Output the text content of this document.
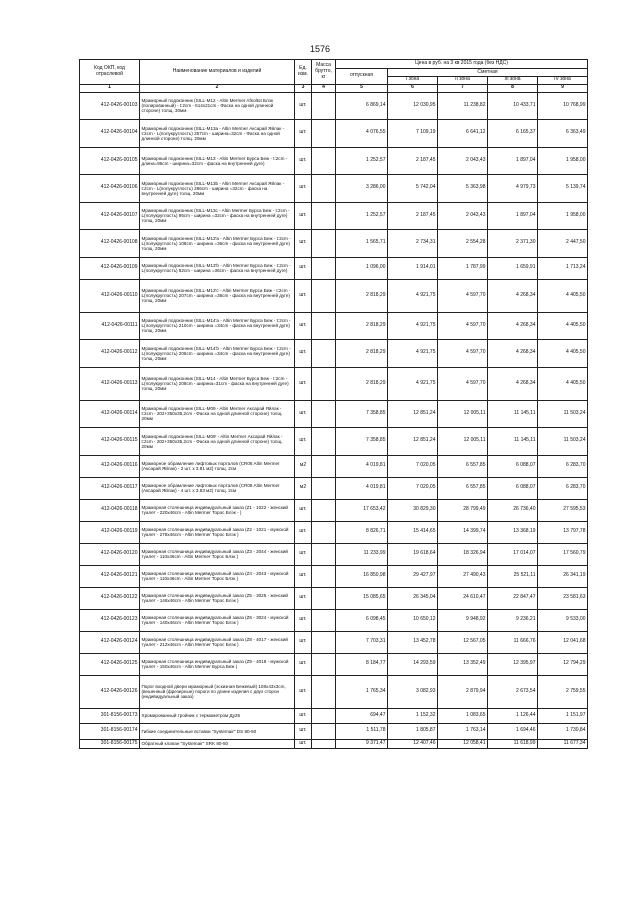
1576
Код ОКП, код отраслевой	Наименование материалов и изделий	Ед. изм.	Масса брутто, кг	Цена в руб. на 3 кв 2015 года (без НДС)				
				отпускная	Сметная			
					I зона	II зона	III зона	IV зона
1	2	3	4	5	6	7	8	9
412-0426-00103	Мраморный подоконник (SILL-M12 - Altin Mermer Afsoltot Блэк (полированный) - t:2cm - 514х21cm - Фаска на одной длинной стороне) толщ. 30мм	шт.		6 869,14	12 030,95	11 238,82	10 433,71	10 768,99
412-0426-00104	Мраморный подоконник (SILL-M13a - Altin Mermer Аксарай Яйлак - t:2cm - L(полукруглость) 257cm - ширина=32cm - Фаска на одной длинной стороне) толщ. 20мм	шт.		4 076,55	7 109,19	6 641,12	6 165,37	6 363,49
412-0426-00105	Мраморный подоконник (SILL-M13 - Altin Mermer Бурса Беж - t:2cm - длина=95cm - ширина=32cm - фаска на внутренней дуге)	шт.		1 252,57	2 187,45	2 043,43	1 897,04	1 958,00
412-0426-00106	Мраморный подоконник (SILL-M13b - Altin Mermer Аксарай Яйлак - t:2cm - L(полукруглость) 286cm - ширина =32cm - фаска на внутренней дуге) толщ. 20мм	шт.		3 286,00	5 742,04	5 363,98	4 979,73	5 139,74
412-0426-00107	Мраморный подоконник (SILL-M13c - Altin Mermer Бурса Беж - t:2cm - L(полукруглость) 95cm - ширина =32cm - фаска на внутренней дуге) толщ. 20мм	шт.		1 252,57	2 187,45	2 043,43	1 897,04	1 958,00
412-0426-00108	Мраморный подоконник (SILL-M13'a - Altin Mermer Бурса Беж - t:2cm - L(полукруглость) 108cm - ширина =36cm - фаска на внутренней дуге) толщ. 20мм	шт.		1 565,71	2 734,31	2 554,28	2 371,30	2 447,50
412-0426-00109	Мраморный подоконник (SILL-M13'b - Altin Mermer Бурса Беж - t:2cm - L(полукруглость) 82cm - ширина =36cm - фаска на внутренней дуге)	шт.		1 096,00	1 914,01	1 787,99	1 659,91	1 713,24
412-0426-00110	Мраморный подоконник (SILL-M13'c - Altin Mermer Бурса Беж - t:2cm - L(полукруглость) 207cm - ширина =36cm - фаска на внутренней дуге) толщ. 20мм	шт.		2 818,29	4 921,75	4 597,70	4 268,34	4 405,50
412-0426-00111	Мраморный подоконник (SILL-M14'a - Altin Mermer Бурса Беж - t:2cm - L(полукруглость) 210cm - ширина =34cm - фаска на внутренней дуге) толщ. 20мм	шт.		2 818,29	4 921,75	4 597,70	4 268,34	4 405,50
412-0426-00112	Мраморный подоконник (SILL-M14'b - Altin Mermer Бурса Беж - t:2cm - L(полукруглость) 206cm - ширина =34cm - фаска на внутренней дуге) толщ. 20мм	шт.		2 818,29	4 921,75	4 597,70	4 268,34	4 405,50
412-0426-00113	Мраморный подоконник (SILL-M14 - Altin Mermer Бурса Беж - t:2cm - L(полукруглость) 208cm - ширина=31cm - фаска на внутренней дуге) толщ. 20мм	шт.		2 818,29	4 921,75	4 597,70	4 268,34	4 405,50
412-0426-00114	Мраморный подоконник (SILL-M09 - Altin Mermer Аксарай Яйлак - t:2cm - 202+350х35,2cm - Фаска на одной длинной стороне) толщ. 20мм	шт.		7 358,85	12 851,24	12 005,11	11 145,11	11 503,24
412-0426-00115	Мраморный подоконник (SILL-M09' - Altin Mermer Аксарай Яйлак - t:2cm - 202+350х35,2cm - Фаска на одной длинной стороне) толщ. 20мм	шт.		7 358,85	12 851,24	12 005,11	11 145,11	11 503,24
412-0426-00116	Мраморное обрамление лифтовых порталов (CR08 Altin Mermer (Аксарай Яйлак) - 2 шт. x 3.81 м2) толщ. 2см	м2		4 019,81	7 020,05	6 557,85	6 088,07	6 283,70
412-0426-00117	Мраморное обрамление лифтовых порталов (CR08 Altin Mermer (Аксарай Яйлак) - 4 шт. x 3.83 м2) толщ. 2см	м2		4 019,81	7 020,05	6 557,85	6 088,07	6 283,70
412-0426-00118	Мраморная столешница индивидуальный заказ (Z1 - 1022 - женский туалет - 220х46cm - Altin Mermer Торос Блэк - )	шт.		17 653,42	30 829,30	28 799,49	26 736,40	27 595,53
412-0426-00119	Мраморная столешница индивидуальный заказ (Z2 - 1021 - мужской туалет - 278х46cm - Altin Mermer Торос Блэк )	шт.		8 826,71	15 414,65	14 399,74	13 368,19	13 797,78
412-0426-00120	Мраморная столешница индивидуальный заказ (Z3 - 2044 - женский туалет - 110х46cm - Altin Mermer Торос Блэк )	шт.		11 233,99	19 618,64	18 326,94	17 014,07	17 560,79
412-0426-00121	Мраморная столешница индивидуальный заказ (Z4 - 2043 - мужской туалет - 110х46cm - Altin Mermer Торос Блэк )	шт.		16 850,98	29 427,97	27 490,43	25 521,11	26 341,19
412-0426-00122	Мраморная столешница индивидуальный заказ (Z5 - 3025 - женский туалет - 146х46cm - Altin Mermer Торос Блэк )	шт.		15 085,65	26 345,04	24 610,47	22 847,47	23 581,63
412-0426-00123	Мраморная столешница индивидуальный заказ (Z6 - 3024 - мужской туалет - 140х46cm - Altin Mermer Торос Блэк )	шт.		6 098,45	10 650,12	9 948,92	9 236,21	9 533,00
412-0426-00124	Мраморная столешница индивидуальный заказ (Z8 - 4017 - женский туалет - 212х46cm - Altin Mermer Торос Блэк )	шт.		7 703,31	13 452,78	12 567,05	11 666,76	12 041,68
412-0426-00125	Мраморная столешница индивидуальный заказ (Z9 - 4018 - мужской туалет - 150х46cm - Altin Mermer Бурса Беж )	шт.		8 184,77	14 293,59	13 352,49	12 395,97	12 794,29
412-0426-00126	Порог входной двери мраморный (эскизная Бежевый) 108х43х3cm, (вешенный (фрезерные) пороги по длине изделия с двух сторон (индивидуальный заказ)	шт.		1 765,34	3 082,93	2 879,94	2 673,54	2 759,55
301-8156-00173	Хромированный тройник с термометром Ду25	шт.		694,47	1 152,32	1 083,65	1 126,44	1 151,97
301-8156-00174	Гибкие соединительные вставки "Systemair" DS 80-50	шт.		1 511,78	1 805,87	1 763,14	1 694,46	1 730,84
301-8156-00175	Обратный клапан "Systemair" SRK 80-50	шт.		9 371,47	12 407,46	12 058,41	11 618,99	11 677,34
